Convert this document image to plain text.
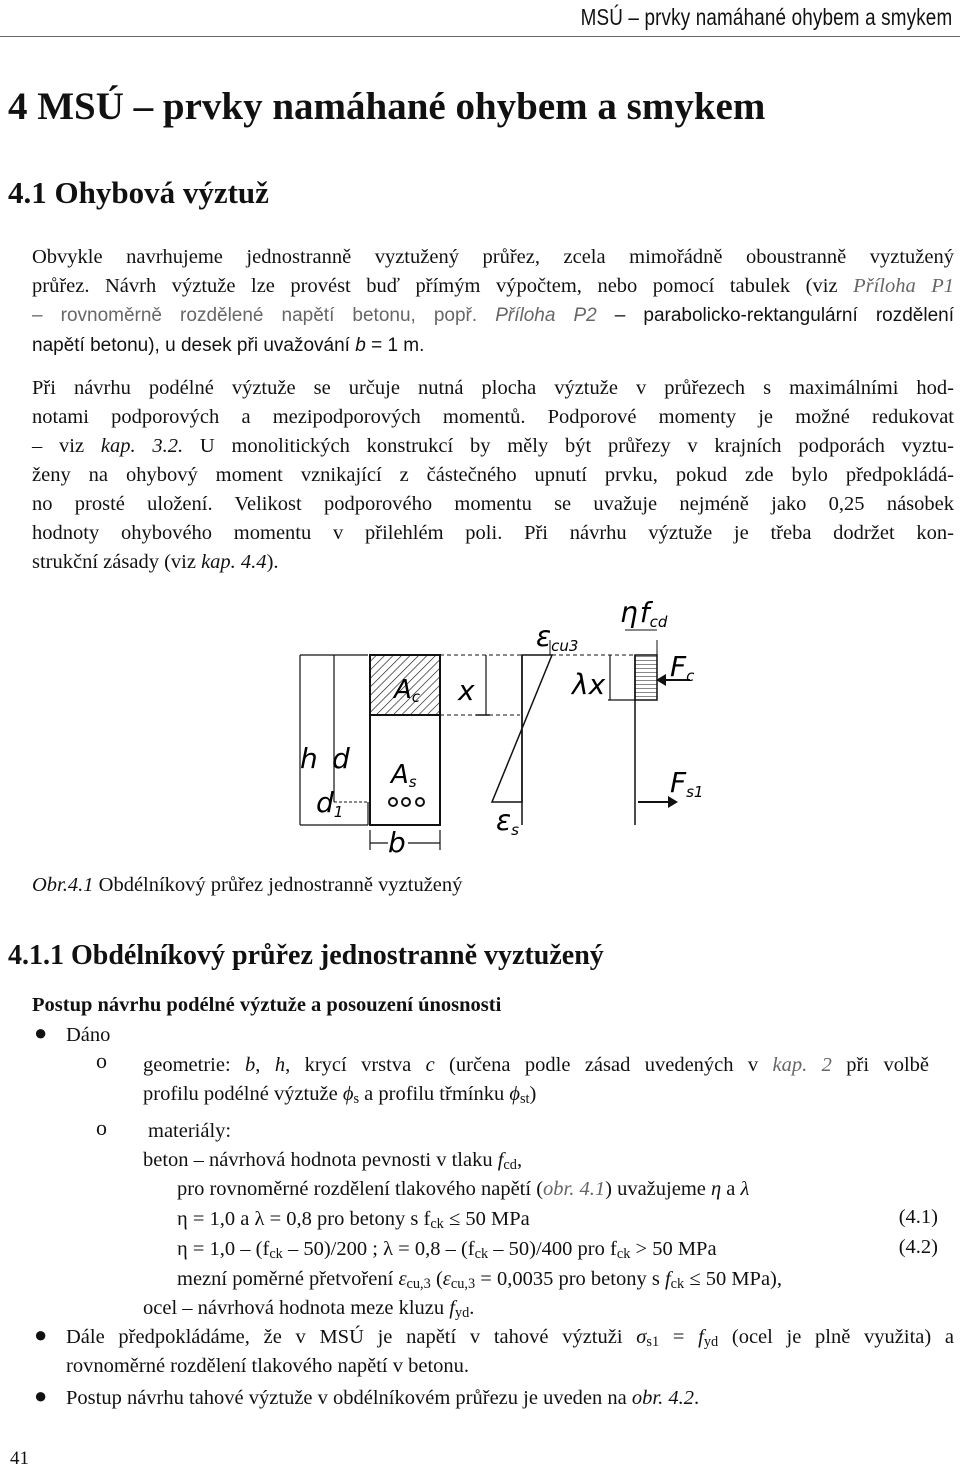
MSÚ – prvky namáhané ohybem a smykem
4 MSÚ – prvky namáhané ohybem a smykem
4.1 Ohybová výztuž
Obvykle navrhujeme jednostranně vyztužený průřez, zcela mimořádně oboustranně vyztužený
průřez. Návrh výztuže lze provést buď přímým výpočtem, nebo pomocí tabulek (viz Příloha P1
– rovnoměrně rozdělené napětí betonu, popř. Příloha P2 – parabolicko-rektangulární rozdělení
napětí betonu), u desek při uvažování b = 1 m.
Při návrhu podélné výztuže se určuje nutná plocha výztuže v průřezech s maximálními hod-
notami podporových a mezipodporových momentů. Podporové momenty je možné redukovat
– viz kap. 3.2. U monolitických konstrukcí by měly být průřezy v krajních podporách vyztu-
ženy na ohybový moment vznikající z částečného upnutí prvku, pokud zde bylo předpokládá-
no prosté uložení. Velikost podporového momentu se uvažuje nejméně jako 0,25 násobek
hodnoty ohybového momentu v přilehlém poli. Při návrhu výztuže je třeba dodržet kon-
strukční zásady (viz kap. 4.4).
Ac
As
h d
d1
b
x	λx
εcu3
εs
ηfcd
Fc
Fs1
Obr.4.1 Obdélníkový průřez jednostranně vyztužený
4.1.1 Obdélníkový průřez jednostranně vyztužený
Postup návrhu podélné výztuže a posouzení únosnosti
● Dáno
o geometrie: b, h, krycí vrstva c (určena podle zásad uvedených v kap. 2 při volbě
profilu podélné výztuže $\phi_s$ a profilu třmínku $\phi_{st}$)
o materiály:
beton – návrhová hodnota pevnosti v tlaku $f_{cd}$,
pro rovnoměrné rozdělení tlakového napětí (obr. 4.1) uvažujeme η a λ
η = 1,0 a λ = 0,8 pro betony s $f_{ck} \le 50$ MPa	(4.1)
$\eta = 1,0 - (f_{ck} - 50)/200$ ; $\lambda = 0,8 - (f_{ck} - 50)/400$ pro $f_{ck} > 50$ MPa	(4.2)
mezní poměrné přetvoření $\varepsilon_{cu,3}$ ($\varepsilon_{cu,3} = 0,0035$ pro betony s $f_{ck} \le 50$ MPa),
ocel – návrhová hodnota meze kluzu $f_{yd}$.
● Dále předpokládáme, že v MSÚ je napětí v tahové výztuži $\sigma_{s1} = f_{yd}$ (ocel je plně využita) a
rovnoměrné rozdělení tlakového napětí v betonu.
● Postup návrhu tahové výztuže v obdélníkovém průřezu je uveden na obr. 4.2.
41
